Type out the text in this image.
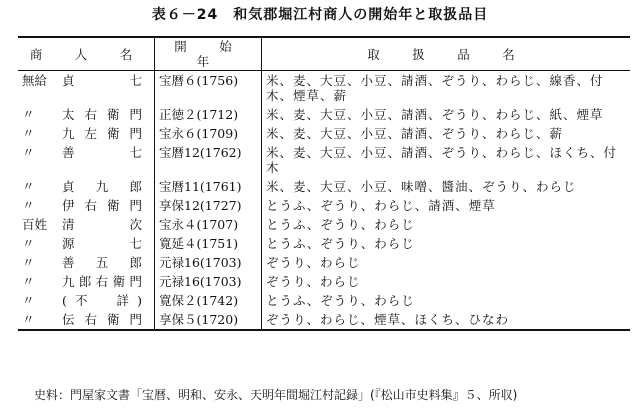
表６－24　和気郡堀江村商人の開始年と取扱品目
商　人　名	開　始　年	取　扱　品　名
無給 貞　七	宝暦６(1756)	米、麦、大豆、小豆、請酒、ぞうり、わらじ、線香、付木、煙草、薪
〃 太右衛門	正徳２(1712)	米、麦、大豆、小豆、請酒、ぞうり、わらじ、紙、煙草
〃 九左衛門	宝永６(1709)	米、麦、大豆、小豆、請酒、ぞうり、わらじ、薪
〃 善　七	宝暦12(1762)	米、麦、大豆、小豆、請酒、ぞうり、わらじ、ほくち、付木
〃 貞九郎	宝暦11(1761)	米、麦、大豆、小豆、味噌、醬油、ぞうり、わらじ
〃 伊右衛門	享保12(1727)	とうふ、ぞうり、わらじ、請酒、煙草
百姓 清　次	宝永４(1707)	とうふ、ぞうり、わらじ
〃 源　七	寛延４(1751)	とうふ、ぞうり、わらじ
〃 善五郎	元禄16(1703)	ぞうり、わらじ
〃 九郎右衛門	元禄16(1703)	ぞうり、わらじ
〃 (不　詳)	寛保２(1742)	とうふ、ぞうり、わらじ
〃 伝右衛門	享保５(1720)	ぞうり、わらじ、煙草、ほくち、ひなわ
史料：門屋家文書「宝暦、明和、安永、天明年間堀江村記録」(『松山市史料集』５、所収)
